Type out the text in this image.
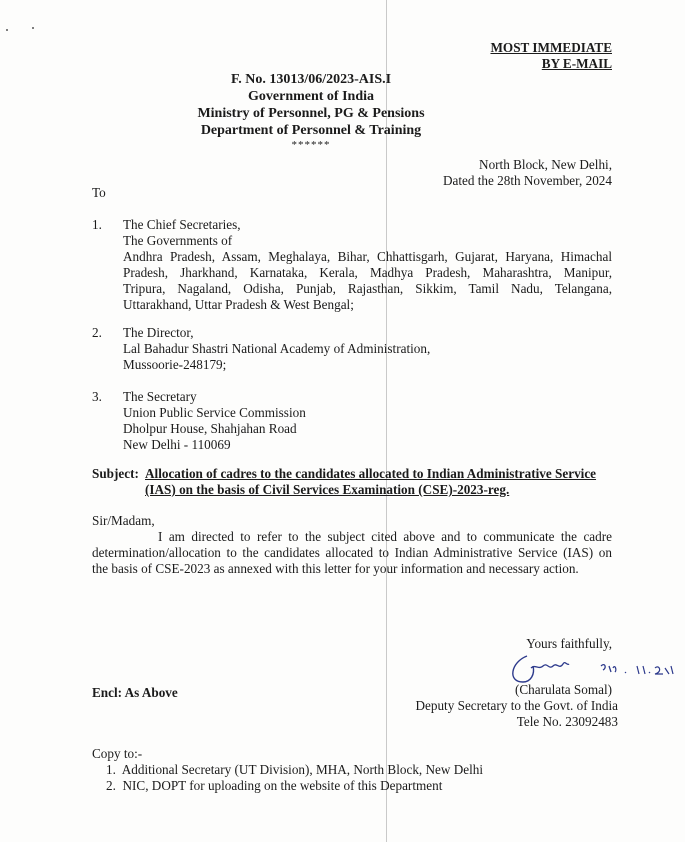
MOST IMMEDIATE
BY E-MAIL
F. No. 13013/06/2023-AIS.I
Government of India
Ministry of Personnel, PG & Pensions
Department of Personnel & Training
******
North Block, New Delhi,
Dated the 28th November, 2024
To
1.	The Chief Secretaries,
The Governments of
Andhra Pradesh, Assam, Meghalaya, Bihar, Chhattisgarh, Gujarat, Haryana, Himachal
Pradesh, Jharkhand, Karnataka, Kerala, Madhya Pradesh, Maharashtra, Manipur,
Tripura, Nagaland, Odisha, Punjab, Rajasthan, Sikkim, Tamil Nadu, Telangana,
Uttarakhand, Uttar Pradesh & West Bengal;
2.	The Director,
Lal Bahadur Shastri National Academy of Administration,
Mussoorie-248179;
3.	The Secretary
Union Public Service Commission
Dholpur House, Shahjahan Road
New Delhi - 110069
Subject: Allocation of cadres to the candidates allocated to Indian Administrative Service
(IAS) on the basis of Civil Services Examination (CSE)-2023-reg.
Sir/Madam,
I am directed to refer to the subject cited above and to communicate the cadre
determination/allocation to the candidates allocated to Indian Administrative Service (IAS) on
the basis of CSE-2023 as annexed with this letter for your information and necessary action.
Yours faithfully,
(Charulata Somal)
Deputy Secretary to the Govt. of India
Tele No. 23092483
Encl: As Above
Copy to:-
1.  Additional Secretary (UT Division), MHA, North Block, New Delhi
2.  NIC, DOPT for uploading on the website of this Department
